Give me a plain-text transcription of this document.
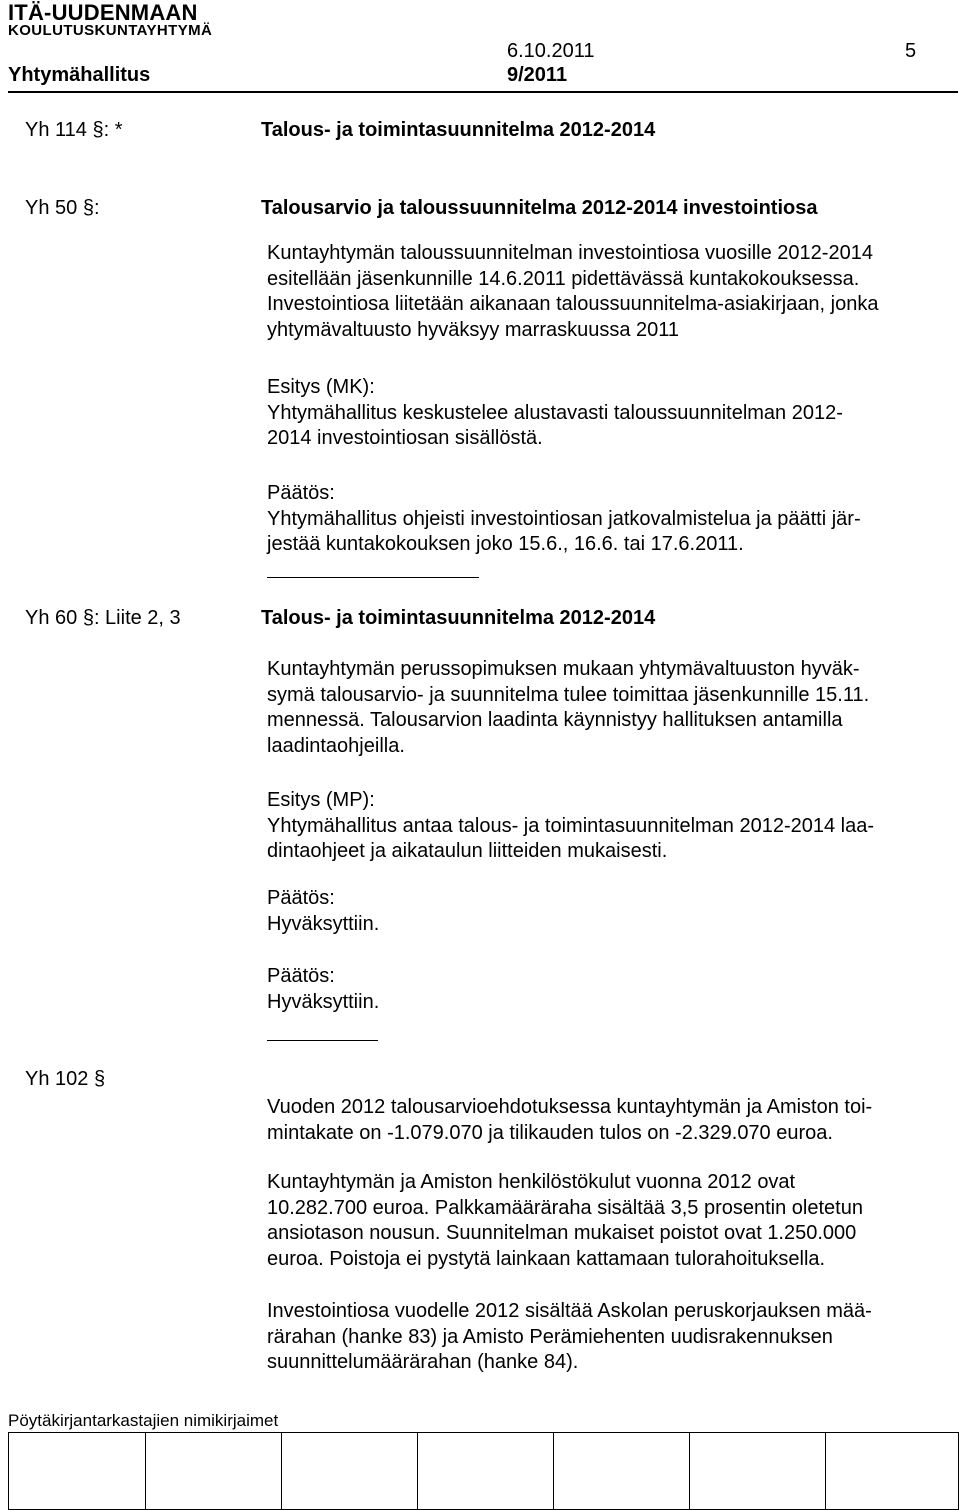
ITÄ-UUDENMAAN
KOULUTUSKUNTAYHTYMÄ
6.10.2011	5
Yhtymähallitus	9/2011
Yh 114 §: *	Talous- ja toimintasuunnitelma 2012-2014
Yh 50 §:	Talousarvio ja taloussuunnitelma 2012-2014 investointiosa
Kuntayhtymän taloussuunnitelman investointiosa vuosille 2012-2014
esitellään jäsenkunnille 14.6.2011 pidettävässä kuntakokouksessa.
Investointiosa liitetään aikanaan taloussuunnitelma-asiakirjaan, jonka
yhtymävaltuusto hyväksyy marraskuussa 2011
Esitys (MK):
Yhtymähallitus keskustelee alustavasti taloussuunnitelman 2012-
2014 investointiosan sisällöstä.
Päätös:
Yhtymähallitus ohjeisti investointiosan jatkovalmistelua ja päätti jär-
jestää kuntakokouksen joko 15.6., 16.6. tai 17.6.2011.
Yh 60 §: Liite 2, 3	Talous- ja toimintasuunnitelma 2012-2014
Kuntayhtymän perussopimuksen mukaan yhtymävaltuuston hyväk-
symä talousarvio- ja suunnitelma tulee toimittaa jäsenkunnille 15.11.
mennessä. Talousarvion laadinta käynnistyy hallituksen antamilla
laadintaohjeilla.
Esitys (MP):
Yhtymähallitus antaa talous- ja toimintasuunnitelman 2012-2014 laa-
dintaohjeet ja aikataulun liitteiden mukaisesti.
Päätös:
Hyväksyttiin.
Päätös:
Hyväksyttiin.
Yh 102 §
Vuoden 2012 talousarvioehdotuksessa kuntayhtymän ja Amiston toi-
mintakate on -1.079.070 ja tilikauden tulos on -2.329.070 euroa.
Kuntayhtymän ja Amiston henkilöstökulut vuonna 2012 ovat
10.282.700 euroa. Palkkamääräraha sisältää 3,5 prosentin oletetun
ansiotason nousun. Suunnitelman mukaiset poistot ovat 1.250.000
euroa. Poistoja ei pystytä lainkaan kattamaan tulorahoituksella.
Investointiosa vuodelle 2012 sisältää Askolan peruskorjauksen mää-
rärahan (hanke 83) ja Amisto Perämiehenten uudisrakennuksen
suunnittelumäärärahan (hanke 84).
Pöytäkirjantarkastajien nimikirjaimet
